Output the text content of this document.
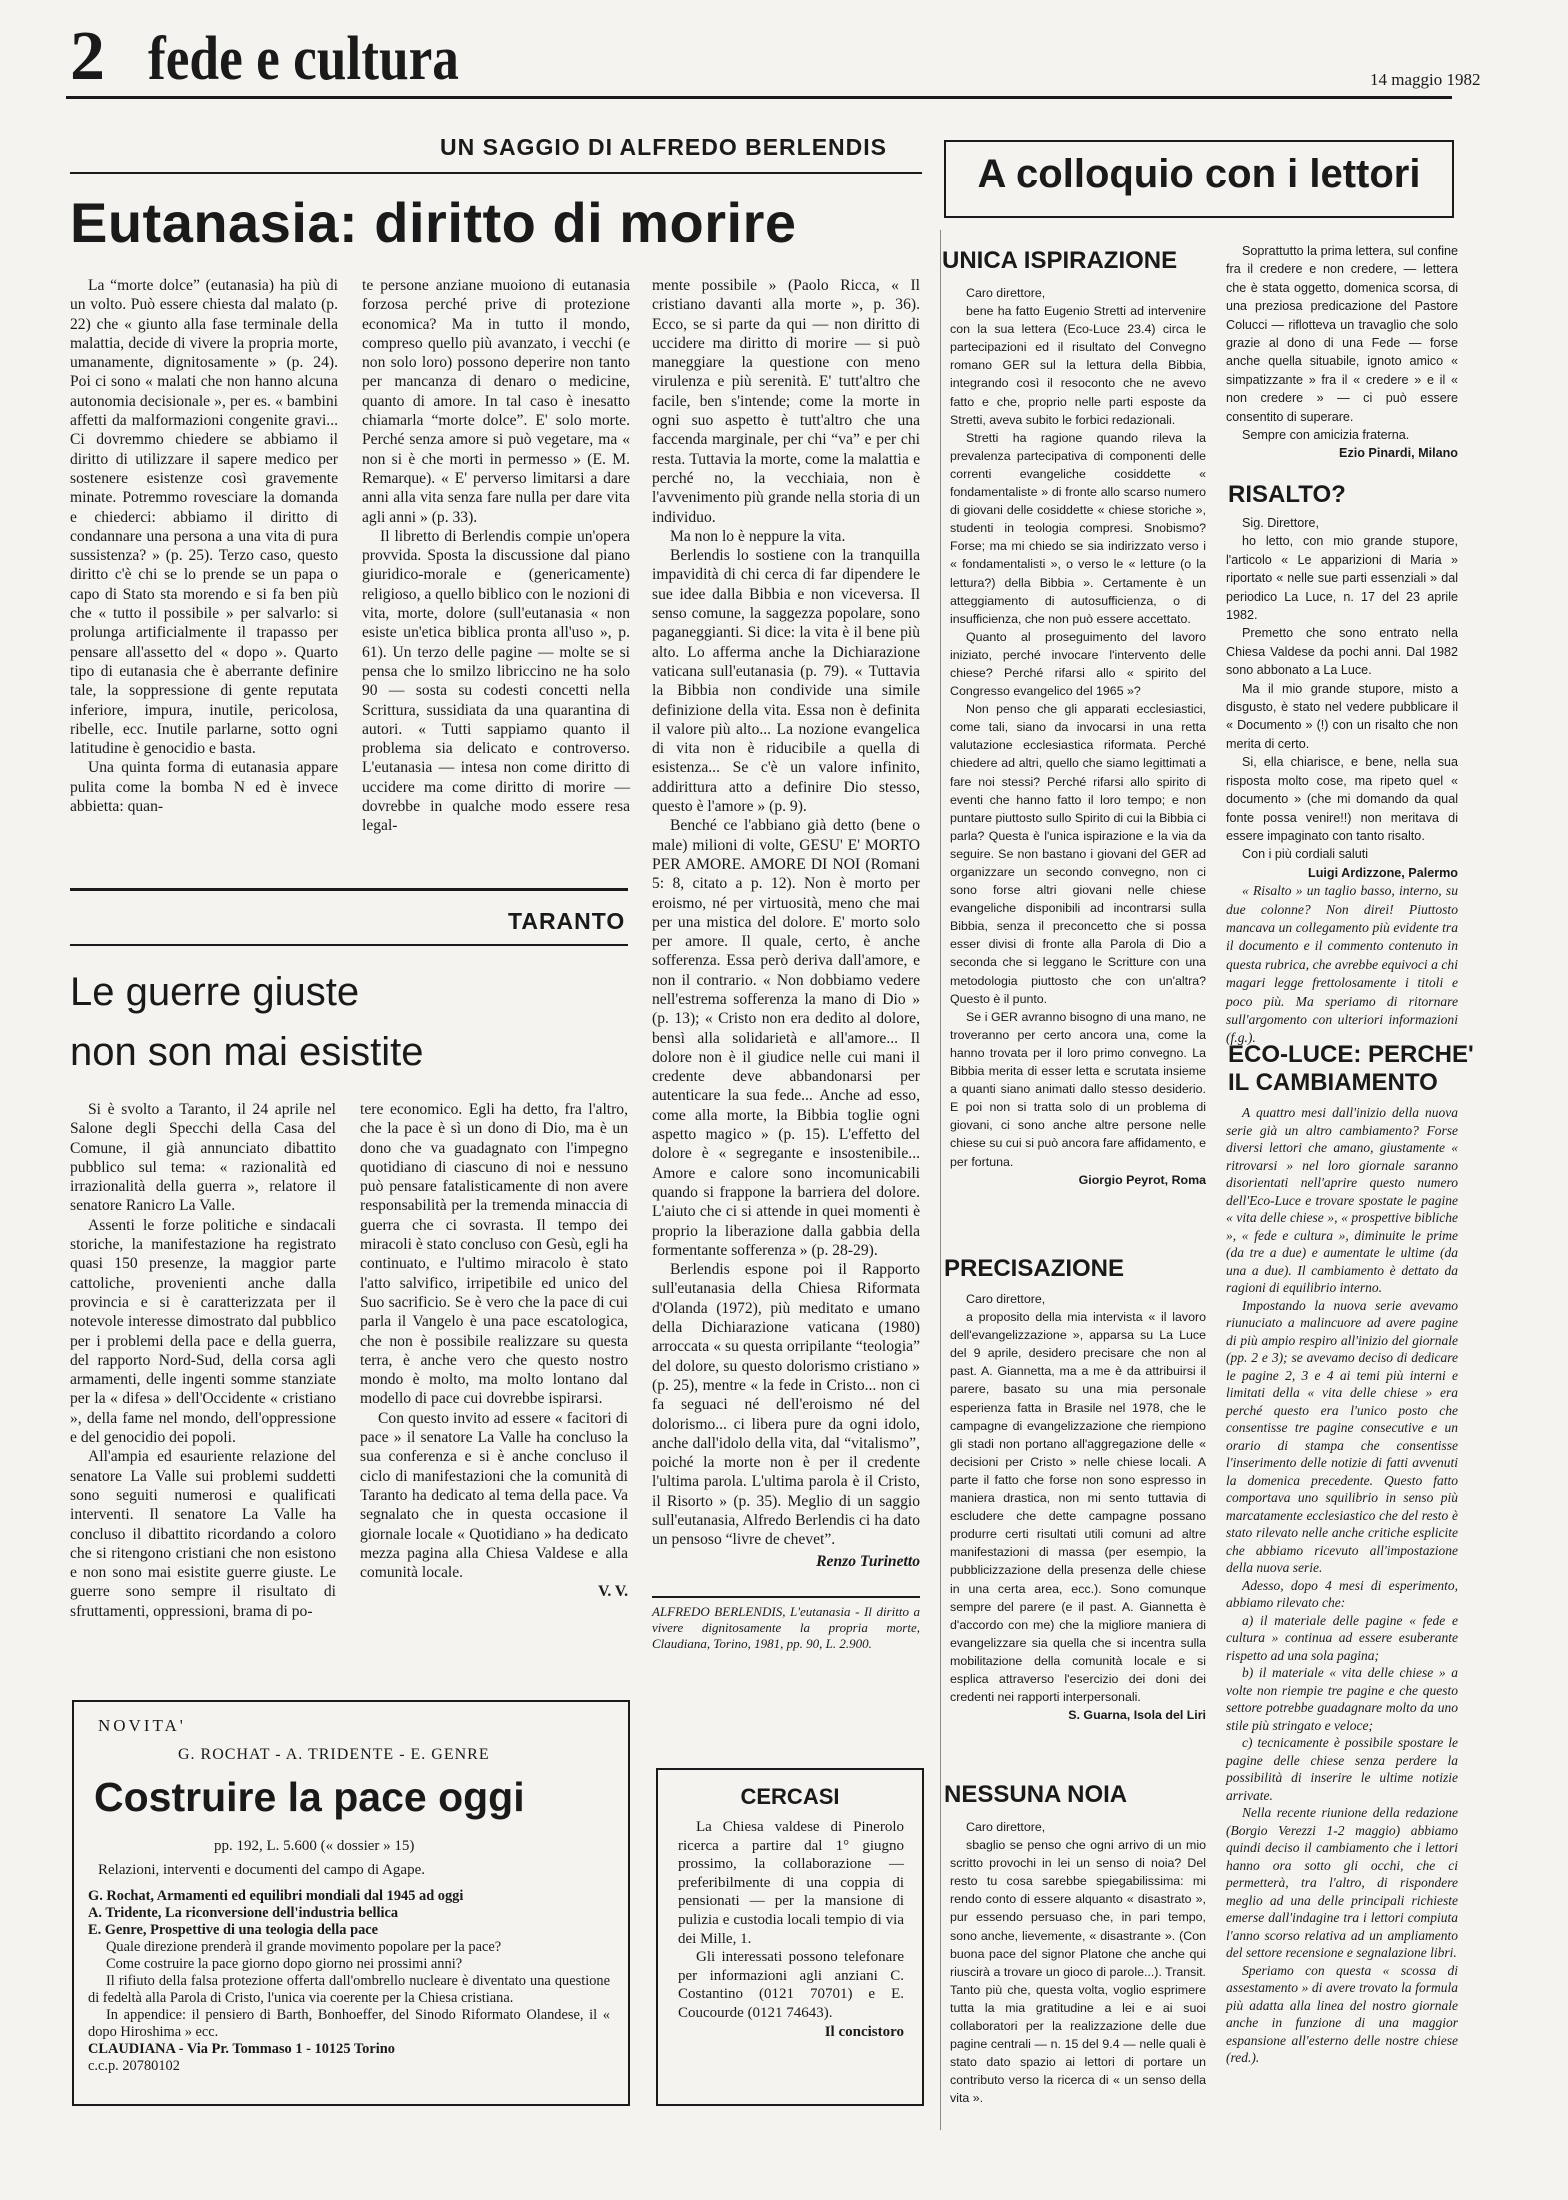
2 fede e cultura	14 maggio 1982
UN SAGGIO DI ALFREDO BERLENDIS
Eutanasia: diritto di morire

La “morte dolce” (eutanasia) ha più di un volto. Può essere chiesta dal malato (p. 22) che « giunto alla fase terminale della malattia, decide di vivere la propria morte, umanamente, dignitosamente » (p. 24). Poi ci sono « malati che non hanno alcuna autonomia decisionale », per es. « bambini affetti da malformazioni congenite gravi... Ci dovremmo chiedere se abbiamo il diritto di utilizzare il sapere medico per sostenere esistenze così gravemente minate. Potremmo rovesciare la domanda e chiederci: abbiamo il diritto di condannare una persona a una vita di pura sussistenza? » (p. 25). Terzo caso, questo diritto c'è chi se lo prende se un papa o capo di Stato sta morendo e si fa ben più che « tutto il possibile » per salvarlo: si prolunga artificialmente il trapasso per pensare all'assetto del « dopo ». Quarto tipo di eutanasia che è aberrante definire tale, la soppressione di gente reputata inferiore, impura, inutile, pericolosa, ribelle, ecc. Inutile parlarne, sotto ogni latitudine è genocidio e basta.

Una quinta forma di eutanasia appare pulita come la bomba N ed è invece abbietta: quan-

te persone anziane muoiono di eutanasia forzosa perché prive di protezione economica? Ma in tutto il mondo, compreso quello più avanzato, i vecchi (e non solo loro) possono deperire non tanto per mancanza di denaro o medicine, quanto di amore. In tal caso è inesatto chiamarla “morte dolce”. E' solo morte. Perché senza amore si può vegetare, ma « non si è che morti in permesso » (E. M. Remarque). « E' perverso limitarsi a dare anni alla vita senza fare nulla per dare vita agli anni » (p. 33).

Il libretto di Berlendis compie un'opera provvida. Sposta la discussione dal piano giuridico-morale e (genericamente) religioso, a quello biblico con le nozioni di vita, morte, dolore (sull'eutanasia « non esiste un'etica biblica pronta all'uso », p. 61). Un terzo delle pagine — molte se si pensa che lo smilzo libriccino ne ha solo 90 — sosta su codesti concetti nella Scrittura, sussidiata da una quarantina di autori. « Tutti sappiamo quanto il problema sia delicato e controverso. L'eutanasia — intesa non come diritto di uccidere ma come diritto di morire — dovrebbe in qualche modo essere resa legal-

mente possibile » (Paolo Ricca, « Il cristiano davanti alla morte », p. 36). Ecco, se si parte da qui — non diritto di uccidere ma diritto di morire — si può maneggiare la questione con meno virulenza e più serenità. E' tutt'altro che facile, ben s'intende; come la morte in ogni suo aspetto è tutt'altro che una faccenda marginale, per chi “va” e per chi resta. Tuttavia la morte, come la malattia e perché no, la vecchiaia, non è l'avvenimento più grande nella storia di un individuo.

Ma non lo è neppure la vita.

Berlendis lo sostiene con la tranquilla impavidità di chi cerca di far dipendere le sue idee dalla Bibbia e non viceversa. Il senso comune, la saggezza popolare, sono paganeggianti. Si dice: la vita è il bene più alto. Lo afferma anche la Dichiarazione vaticana sull'eutanasia (p. 79). « Tuttavia la Bibbia non condivide una simile definizione della vita. Essa non è definita il valore più alto... La nozione evangelica di vita non è riducibile a quella di esistenza... Se c'è un valore infinito, addirittura atto a definire Dio stesso, questo è l'amore » (p. 9).

Benché ce l'abbiano già detto (bene o male) milioni di volte, GESU' E' MORTO PER AMORE. AMORE DI NOI (Romani 5: 8, citato a p. 12). Non è morto per eroismo, né per virtuosità, meno che mai per una mistica del dolore. E' morto solo per amore. Il quale, certo, è anche sofferenza. Essa però deriva dall'amore, e non il contrario. « Non dobbiamo vedere nell'estrema sofferenza la mano di Dio » (p. 13); « Cristo non era dedito al dolore, bensì alla solidarietà e all'amore... Il dolore non è il giudice nelle cui mani il credente deve abbandonarsi per autenticare la sua fede... Anche ad esso, come alla morte, la Bibbia toglie ogni aspetto magico » (p. 15). L'effetto del dolore è « segregante e insostenibile... Amore e calore sono incomunicabili quando si frappone la barriera del dolore. L'aiuto che ci si attende in quei momenti è proprio la liberazione dalla gabbia della formentante sofferenza » (p. 28-29).

Berlendis espone poi il Rapporto sull'eutanasia della Chiesa Riformata d'Olanda (1972), più meditato e umano della Dichiarazione vaticana (1980) arroccata « su questa orripilante “teologia” del dolore, su questo dolorismo cristiano » (p. 25), mentre « la fede in Cristo... non ci fa seguaci né dell'eroismo né del dolorismo... ci libera pure da ogni idolo, anche dall'idolo della vita, dal “vitalismo”, poiché la morte non è per il credente l'ultima parola. L'ultima parola è il Cristo, il Risorto » (p. 35). Meglio di un saggio sull'eutanasia, Alfredo Berlendis ci ha dato un pensoso “livre de chevet”.

Renzo Turinetto
ALFREDO BERLENDIS, L'eutanasia - Il diritto a vivere dignitosamente la propria morte, Claudiana, Torino, 1981, pp. 90, L. 2.900.
TARANTO
Le guerre giuste
non son mai esistite

Si è svolto a Taranto, il 24 aprile nel Salone degli Specchi della Casa del Comune, il già annunciato dibattito pubblico sul tema: « razionalità ed irrazionalità della guerra », relatore il senatore Ranicro La Valle.

Assenti le forze politiche e sindacali storiche, la manifestazione ha registrato quasi 150 presenze, la maggior parte cattoliche, provenienti anche dalla provincia e si è caratterizzata per il notevole interesse dimostrato dal pubblico per i problemi della pace e della guerra, del rapporto Nord-Sud, della corsa agli armamenti, delle ingenti somme stanziate per la « difesa » dell'Occidente « cristiano », della fame nel mondo, dell'oppressione e del genocidio dei popoli.

All'ampia ed esauriente relazione del senatore La Valle sui problemi suddetti sono seguiti numerosi e qualificati interventi. Il senatore La Valle ha concluso il dibattito ricordando a coloro che si ritengono cristiani che non esistono e non sono mai esistite guerre giuste. Le guerre sono sempre il risultato di sfruttamenti, oppressioni, brama di po-

tere economico. Egli ha detto, fra l'altro, che la pace è sì un dono di Dio, ma è un dono che va guadagnato con l'impegno quotidiano di ciascuno di noi e nessuno può pensare fatalisticamente di non avere responsabilità per la tremenda minaccia di guerra che ci sovrasta. Il tempo dei miracoli è stato concluso con Gesù, egli ha continuato, e l'ultimo miracolo è stato l'atto salvifico, irripetibile ed unico del Suo sacrificio. Se è vero che la pace di cui parla il Vangelo è una pace escatologica, che non è possibile realizzare su questa terra, è anche vero che questo nostro mondo è molto, ma molto lontano dal modello di pace cui dovrebbe ispirarsi.

Con questo invito ad essere « facitori di pace » il senatore La Valle ha concluso la sua conferenza e si è anche concluso il ciclo di manifestazioni che la comunità di Taranto ha dedicato al tema della pace. Va segnalato che in questa occasione il giornale locale « Quotidiano » ha dedicato mezza pagina alla Chiesa Valdese e alla comunità locale.

V. V.
NOVITA'
G. ROCHAT - A. TRIDENTE - E. GENRE
Costruire la pace oggi
pp. 192, L. 5.600 (« dossier » 15)
Relazioni, interventi e documenti del campo di Agape.
G. Rochat, Armamenti ed equilibri mondiali dal 1945 ad oggi
A. Tridente, La riconversione dell'industria bellica
E. Genre, Prospettive di una teologia della pace

Quale direzione prenderà il grande movimento popolare per la pace?

Come costruire la pace giorno dopo giorno nei prossimi anni?

Il rifiuto della falsa protezione offerta dall'ombrello nucleare è diventato una questione di fedeltà alla Parola di Cristo, l'unica via coerente per la Chiesa cristiana.

In appendice: il pensiero di Barth, Bonhoeffer, del Sinodo Riformato Olandese, il « dopo Hiroshima » ecc.

CLAUDIANA - Via Pr. Tommaso 1 - 10125 Torino
c.c.p. 20780102
CERCASI

La Chiesa valdese di Pinerolo ricerca a partire dal 1° giugno prossimo, la collaborazione — preferibilmente di una coppia di pensionati — per la mansione di pulizia e custodia locali tempio di via dei Mille, 1.

Gli interessati possono telefonare per informazioni agli anziani C. Costantino (0121 70701) e E. Coucourde (0121 74643).

Il concistoro
A colloquio con i lettori
UNICA ISPIRAZIONE

Caro direttore,

bene ha fatto Eugenio Stretti ad intervenire con la sua lettera (Eco-Luce 23.4) circa le partecipazioni ed il risultato del Convegno romano GER sul la lettura della Bibbia, integrando così il resoconto che ne avevo fatto e che, proprio nelle parti esposte da Stretti, aveva subito le forbici redazionali.

Stretti ha ragione quando rileva la prevalenza partecipativa di componenti delle correnti evangeliche cosiddette « fondamentaliste » di fronte allo scarso numero di giovani delle cosiddette « chiese storiche », studenti in teologia compresi. Snobismo? Forse; ma mi chiedo se sia indirizzato verso i « fondamentalisti », o verso le « letture (o la lettura?) della Bibbia ». Certamente è un atteggiamento di autosufficienza, o di insufficienza, che non può essere accettato.

Quanto al proseguimento del lavoro iniziato, perché invocare l'intervento delle chiese? Perché rifarsi allo « spirito del Congresso evangelico del 1965 »?

Non penso che gli apparati ecclesiastici, come tali, siano da invocarsi in una retta valutazione ecclesiastica riformata. Perché chiedere ad altri, quello che siamo legittimati a fare noi stessi? Perché rifarsi allo spirito di eventi che hanno fatto il loro tempo; e non puntare piuttosto sullo Spirito di cui la Bibbia ci parla? Questa è l'unica ispirazione e la via da seguire. Se non bastano i giovani del GER ad organizzare un secondo convegno, non ci sono forse altri giovani nelle chiese evangeliche disponibili ad incontrarsi sulla Bibbia, senza il preconcetto che si possa esser divisi di fronte alla Parola di Dio a seconda che si leggano le Scritture con una metodologia piuttosto che con un'altra? Questo è il punto.

Se i GER avranno bisogno di una mano, ne troveranno per certo ancora una, come la hanno trovata per il loro primo convegno. La Bibbia merita di esser letta e scrutata insieme a quanti siano animati dallo stesso desiderio. E poi non si tratta solo di un problema di giovani, ci sono anche altre persone nelle chiese su cui si può ancora fare affidamento, e per fortuna.

Giorgio Peyrot, Roma

Soprattutto la prima lettera, sul confine fra il credere e non credere, — lettera che è stata oggetto, domenica scorsa, di una preziosa predicazione del Pastore Colucci — riflotteva un travaglio che solo grazie al dono di una Fede — forse anche quella situabile, ignoto amico « simpatizzante » fra il « credere » e il « non credere » — ci può essere consentito di superare.

Sempre con amicizia fraterna.

Ezio Pinardi, Milano
RISALTO?

Sig. Direttore,

ho letto, con mio grande stupore, l'articolo « Le apparizioni di Maria » riportato « nelle sue parti essenziali » dal periodico La Luce, n. 17 del 23 aprile 1982.

Premetto che sono entrato nella Chiesa Valdese da pochi anni. Dal 1982 sono abbonato a La Luce.

Ma il mio grande stupore, misto a disgusto, è stato nel vedere pubblicare il « Documento » (!) con un risalto che non merita di certo.

Si, ella chiarisce, e bene, nella sua risposta molto cose, ma ripeto quel « documento » (che mi domando da qual fonte possa venire!!) non meritava di essere impaginato con tanto risalto.

Con i più cordiali saluti

Luigi Ardizzone, Palermo

« Risalto » un taglio basso, interno, su due colonne? Non direi! Piuttosto mancava un collegamento più evidente tra il documento e il commento contenuto in questa rubrica, che avrebbe equivoci a chi magari legge frettolosamente i titoli e poco più. Ma speriamo di ritornare sull'argomento con ulteriori informazioni (f.g.).

ECO-LUCE: PERCHE'
IL CAMBIAMENTO

A quattro mesi dall'inizio della nuova serie già un altro cambiamento? Forse diversi lettori che amano, giustamente « ritrovarsi » nel loro giornale saranno disorientati nell'aprire questo numero dell'Eco-Luce e trovare spostate le pagine « vita delle chiese », « prospettive bibliche », « fede e cultura », diminuite le prime (da tre a due) e aumentate le ultime (da una a due). Il cambiamento è dettato da ragioni di equilibrio interno.

Impostando la nuova serie avevamo riunuciato a malincuore ad avere pagine di più ampio respiro all'inizio del giornale (pp. 2 e 3); se avevamo deciso di dedicare le pagine 2, 3 e 4 ai temi più interni e limitati della « vita delle chiese » era perché questo era l'unico posto che consentisse tre pagine consecutive e un orario di stampa che consentisse l'inserimento delle notizie di fatti avvenuti la domenica precedente. Questo fatto comportava uno squilibrio in senso più marcatamente ecclesiastico che del resto è stato rilevato nelle anche critiche esplicite che abbiamo ricevuto all'impostazione della nuova serie.

Adesso, dopo 4 mesi di esperimento, abbiamo rilevato che:

a) il materiale delle pagine « fede e cultura » continua ad essere esuberante rispetto ad una sola pagina;

b) il materiale « vita delle chiese » a volte non riempie tre pagine e che questo settore potrebbe guadagnare molto da uno stile più stringato e veloce;

c) tecnicamente è possibile spostare le pagine delle chiese senza perdere la possibilità di inserire le ultime notizie arrivate.

Nella recente riunione della redazione (Borgio Verezzi 1-2 maggio) abbiamo quindi deciso il cambiamento che i lettori hanno ora sotto gli occhi, che ci permetterà, tra l'altro, di rispondere meglio ad una delle principali richieste emerse dall'indagine tra i lettori compiuta l'anno scorso relativa ad un ampliamento del settore recensione e segnalazione libri.

Speriamo con questa « scossa di assestamento » di avere trovato la formula più adatta alla linea del nostro giornale anche in funzione di una maggior espansione all'esterno delle nostre chiese (red.).

PRECISAZIONE

Caro direttore,

a proposito della mia intervista « il lavoro dell'evangelizzazione », apparsa su La Luce del 9 aprile, desidero precisare che non al past. A. Giannetta, ma a me è da attribuirsi il parere, basato su una mia personale esperienza fatta in Brasile nel 1978, che le campagne di evangelizzazione che riempiono gli stadi non portano all'aggregazione delle « decisioni per Cristo » nelle chiese locali. A parte il fatto che forse non sono espresso in maniera drastica, non mi sento tuttavia di escludere che dette campagne possano produrre certi risultati utili comuni ad altre manifestazioni di massa (per esempio, la pubblicizzazione della presenza delle chiese in una certa area, ecc.). Sono comunque sempre del parere (e il past. A. Giannetta è d'accordo con me) che la migliore maniera di evangelizzare sia quella che si incentra sulla mobilitazione della comunità locale e si esplica attraverso l'esercizio dei doni dei credenti nei rapporti interpersonali.

S. Guarna, Isola del Liri
NESSUNA NOIA

Caro direttore,

sbaglio se penso che ogni arrivo di un mio scritto provochi in lei un senso di noia? Del resto tu cosa sarebbe spiegabilissima: mi rendo conto di essere alquanto « disastrato », pur essendo persuaso che, in pari tempo, sono anche, lievemente, « disastrante ». (Con buona pace del signor Platone che anche qui riuscirà a trovare un gioco di parole...). Transit. Tanto più che, questa volta, voglio esprimere tutta la mia gratitudine a lei e ai suoi collaboratori per la realizzazione delle due pagine centrali — n. 15 del 9.4 — nelle quali è stato dato spazio ai lettori di portare un contributo verso la ricerca di « un senso della vita ».
